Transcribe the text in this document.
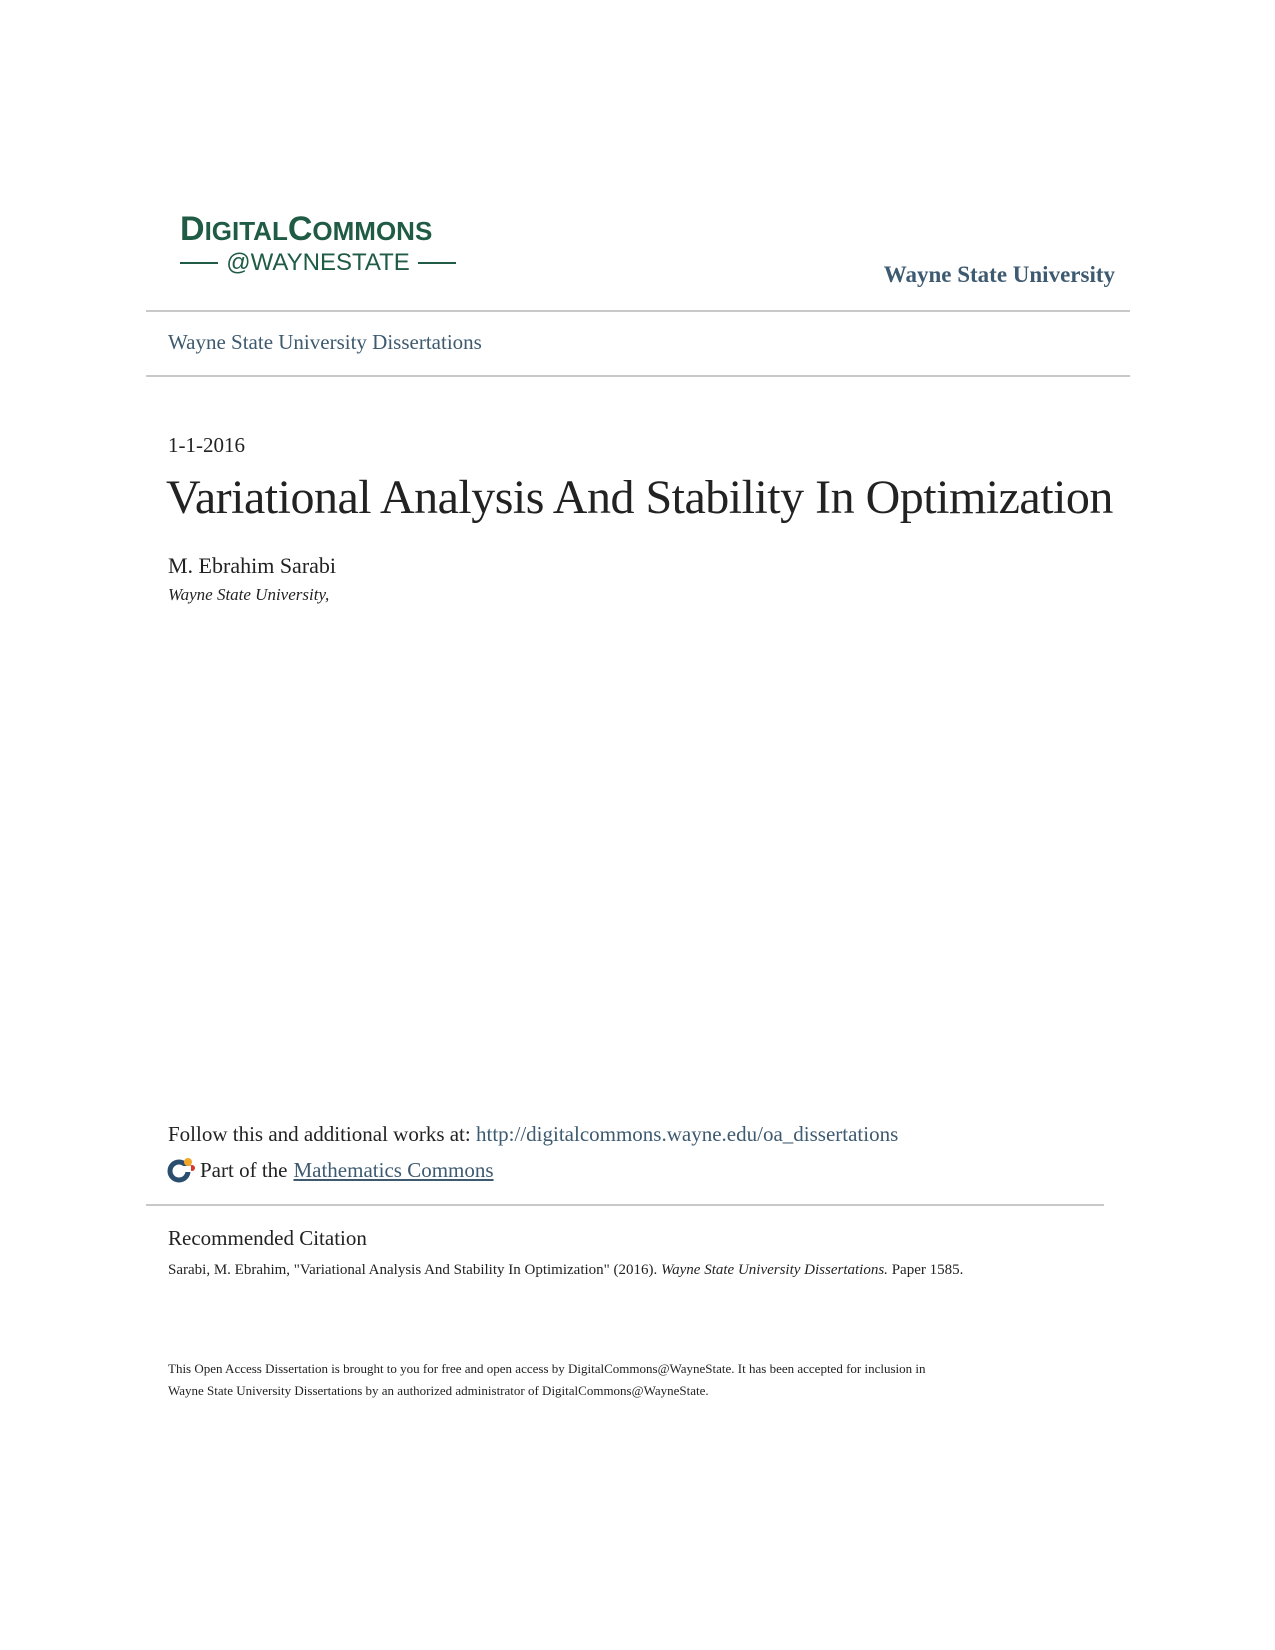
DIGITALCOMMONS
@WAYNESTATE	Wayne State University
Wayne State University Dissertations
1-1-2016
Variational Analysis And Stability In Optimization
M. Ebrahim Sarabi
Wayne State University,
Follow this and additional works at: http://digitalcommons.wayne.edu/oa_dissertations
Part of the Mathematics Commons
Recommended Citation
Sarabi, M. Ebrahim, "Variational Analysis And Stability In Optimization" (2016). Wayne State University Dissertations. Paper 1585.
This Open Access Dissertation is brought to you for free and open access by DigitalCommons@WayneState. It has been accepted for inclusion in
Wayne State University Dissertations by an authorized administrator of DigitalCommons@WayneState.
